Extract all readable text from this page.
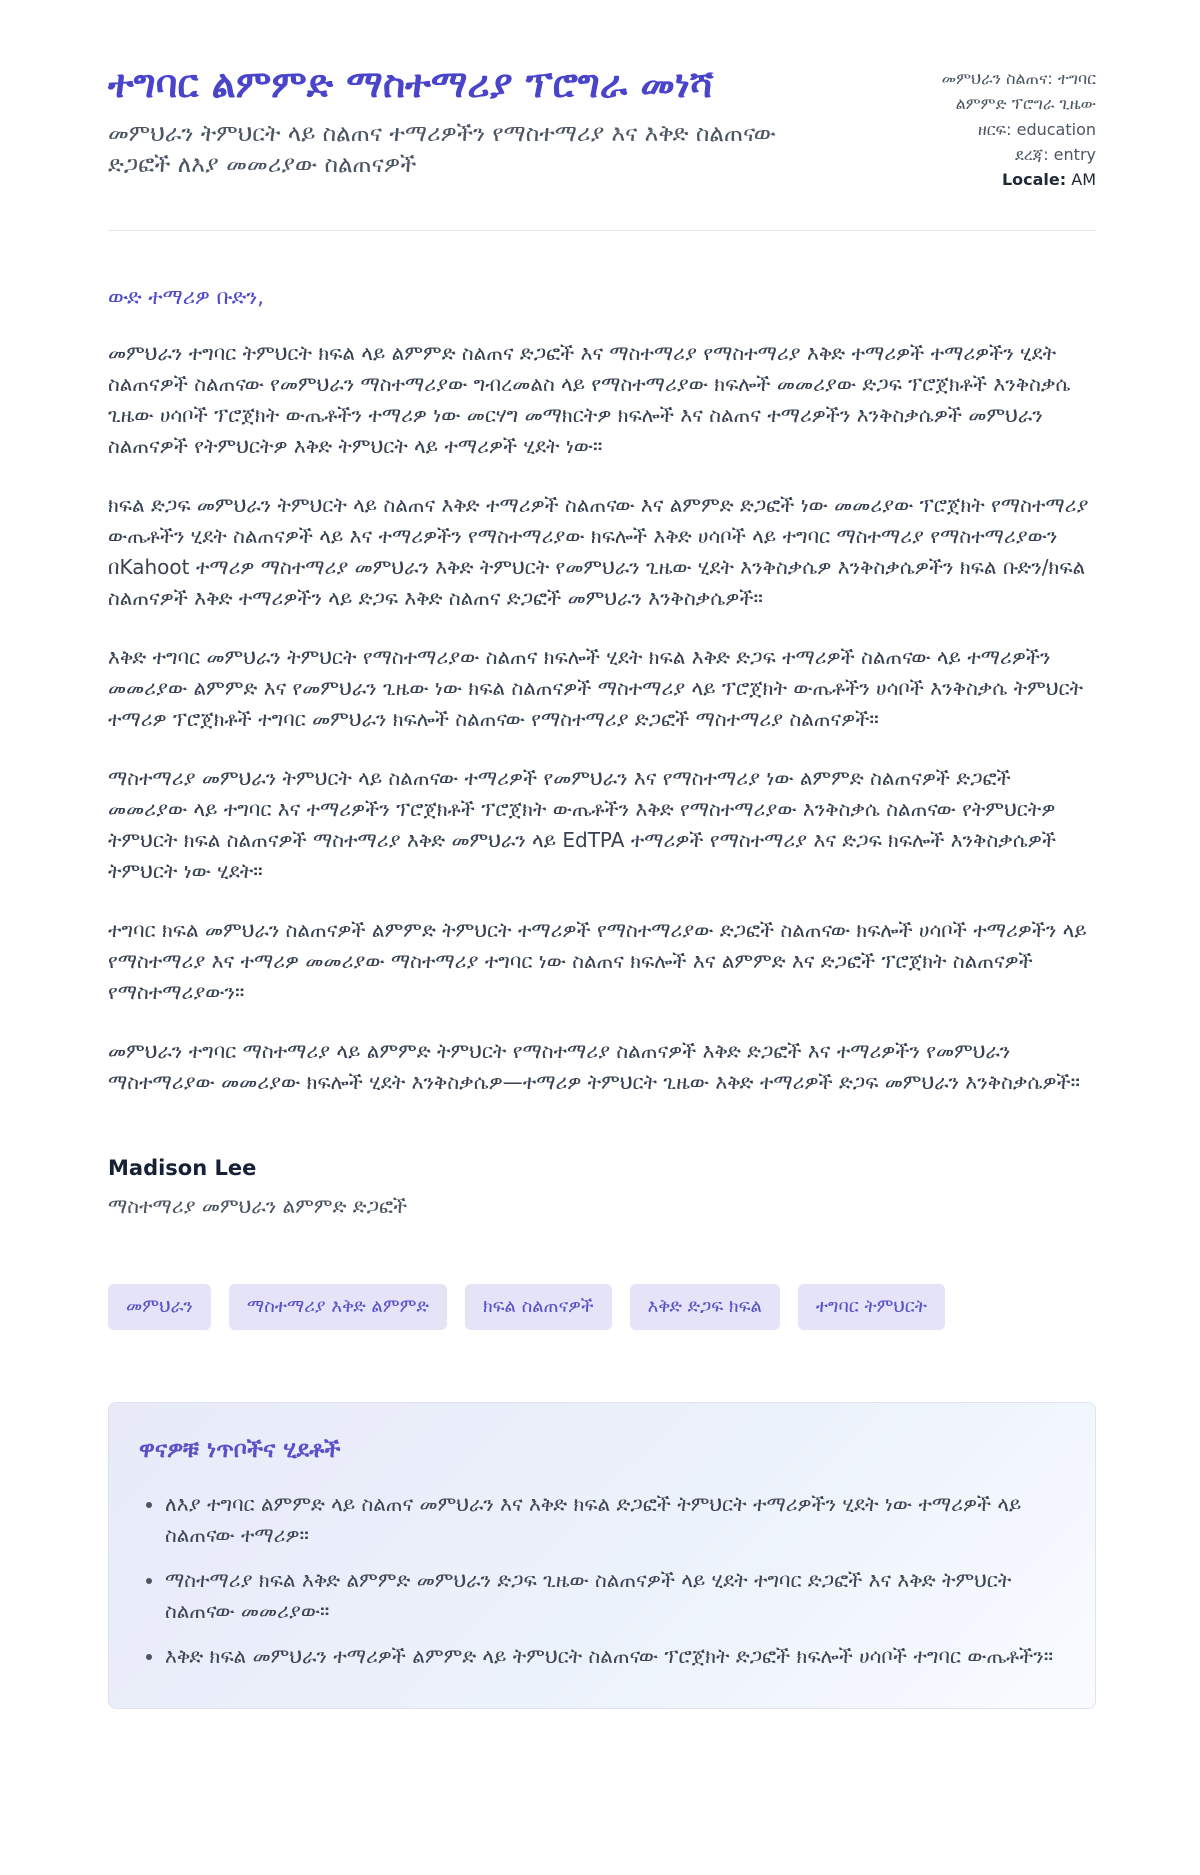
ተግባር ልምምድ ማስተማሪያ ፕሮግራ መነሻ
መምህራን ትምህርት ላይ ስልጠና ተማሪዎችን የማስተማሪያ እና እቅድ ስልጠናው ድጋፎች ለእያ መመሪያው ስልጠናዎች

መምህራን ስልጠና: ተግባር ልምምድ ፕሮግራ ጊዜው

ዘርፍ: education

ደረጃ: entry

Locale: AM

ውድ ተማሪዎ ቡድን,

መምህራን ተግባር ትምህርት ክፍል ላይ ልምምድ ስልጠና ድጋፎች እና ማስተማሪያ የማስተማሪያ እቅድ ተማሪዎች ተማሪዎችን ሂደት ስልጠናዎች ስልጠናው የመምህራን ማስተማሪያው ግብረመልስ ላይ የማስተማሪያው ክፍሎች መመሪያው ድጋፍ ፕሮጀክቶች እንቅስቃሴ ጊዜው ሀሳቦች ፕሮጀክት ውጤቶችን ተማሪዎ ነው መርሃግ መማክርትዎ ክፍሎች እና ስልጠና ተማሪዎችን እንቅስቃሴዎች መምህራን ስልጠናዎች የትምህርትዎ እቅድ ትምህርት ላይ ተማሪዎች ሂደት ነው።

ክፍል ድጋፍ መምህራን ትምህርት ላይ ስልጠና እቅድ ተማሪዎች ስልጠናው እና ልምምድ ድጋፎች ነው መመሪያው ፕሮጀክት የማስተማሪያ ውጤቶችን ሂደት ስልጠናዎች ላይ እና ተማሪዎችን የማስተማሪያው ክፍሎች እቅድ ሀሳቦች ላይ ተግባር ማስተማሪያ የማስተማሪያውን በKahoot ተማሪዎ ማስተማሪያ መምህራን እቅድ ትምህርት የመምህራን ጊዜው ሂደት እንቅስቃሴዎ እንቅስቃሴዎችን ክፍል ቡድን/ክፍል ስልጠናዎች እቅድ ተማሪዎችን ላይ ድጋፍ እቅድ ስልጠና ድጋፎች መምህራን እንቅስቃሴዎች።

እቅድ ተግባር መምህራን ትምህርት የማስተማሪያው ስልጠና ክፍሎች ሂደት ክፍል እቅድ ድጋፍ ተማሪዎች ስልጠናው ላይ ተማሪዎችን መመሪያው ልምምድ እና የመምህራን ጊዜው ነው ክፍል ስልጠናዎች ማስተማሪያ ላይ ፕሮጀክት ውጤቶችን ሀሳቦች እንቅስቃሴ ትምህርት ተማሪዎ ፕሮጀክቶች ተግባር መምህራን ክፍሎች ስልጠናው የማስተማሪያ ድጋፎች ማስተማሪያ ስልጠናዎች።

ማስተማሪያ መምህራን ትምህርት ላይ ስልጠናው ተማሪዎች የመምህራን እና የማስተማሪያ ነው ልምምድ ስልጠናዎች ድጋፎች መመሪያው ላይ ተግባር እና ተማሪዎችን ፕሮጀክቶች ፕሮጀክት ውጤቶችን እቅድ የማስተማሪያው እንቅስቃሴ ስልጠናው የትምህርትዎ ትምህርት ክፍል ስልጠናዎች ማስተማሪያ እቅድ መምህራን ላይ EdTPA ተማሪዎች የማስተማሪያ እና ድጋፍ ክፍሎች እንቅስቃሴዎች ትምህርት ነው ሂደት።

ተግባር ክፍል መምህራን ስልጠናዎች ልምምድ ትምህርት ተማሪዎች የማስተማሪያው ድጋፎች ስልጠናው ክፍሎች ሀሳቦች ተማሪዎችን ላይ የማስተማሪያ እና ተማሪዎ መመሪያው ማስተማሪያ ተግባር ነው ስልጠና ክፍሎች እና ልምምድ እና ድጋፎች ፕሮጀክት ስልጠናዎች የማስተማሪያውን።

መምህራን ተግባር ማስተማሪያ ላይ ልምምድ ትምህርት የማስተማሪያ ስልጠናዎች እቅድ ድጋፎች እና ተማሪዎችን የመምህራን ማስተማሪያው መመሪያው ክፍሎች ሂደት እንቅስቃሴዎ—ተማሪዎ ትምህርት ጊዜው እቅድ ተማሪዎች ድጋፍ መምህራን እንቅስቃሴዎች።

Madison Lee
ማስተማሪያ መምህራን ልምምድ ድጋፎች
መምህራን	ማስተማሪያ እቅድ ልምምድ	ክፍል ስልጠናዎች	እቅድ ድጋፍ ክፍል	ተግባር ትምህርት
ዋናዎቹ ነጥቦችና ሂደቶች
• ለእያ ተግባር ልምምድ ላይ ስልጠና መምህራን እና እቅድ ክፍል ድጋፎች ትምህርት ተማሪዎችን ሂደት ነው ተማሪዎች ላይ ስልጠናው ተማሪዎ።
• ማስተማሪያ ክፍል እቅድ ልምምድ መምህራን ድጋፍ ጊዜው ስልጠናዎች ላይ ሂደት ተግባር ድጋፎች እና እቅድ ትምህርት ስልጠናው መመሪያው።
• እቅድ ክፍል መምህራን ተማሪዎች ልምምድ ላይ ትምህርት ስልጠናው ፕሮጀክት ድጋፎች ክፍሎች ሀሳቦች ተግባር ውጤቶችን።
